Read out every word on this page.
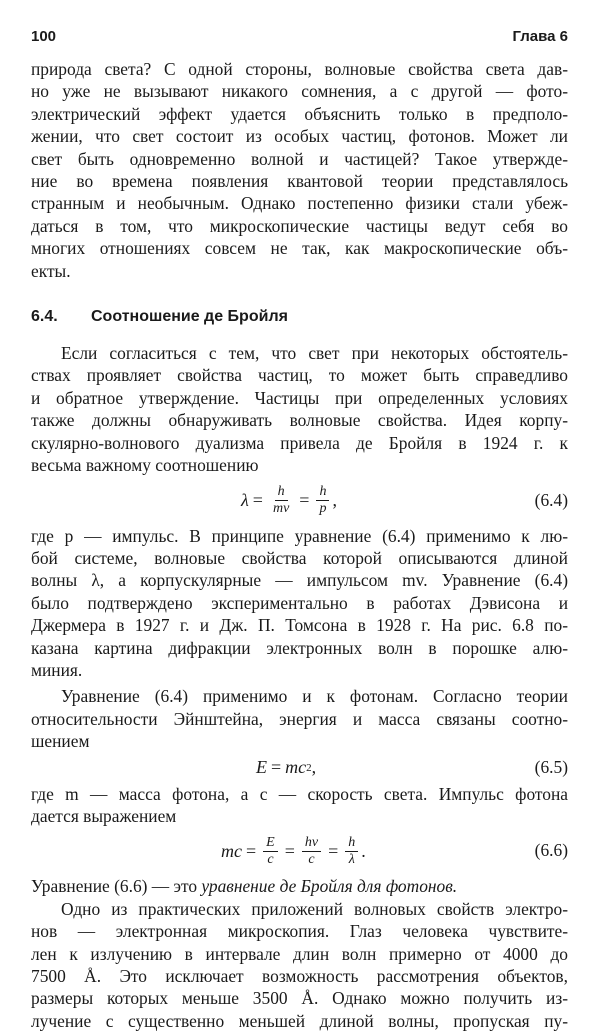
100	Глава 6

природа света? С одной стороны, волновые свойства света дав-
но уже не вызывают никакого сомнения, а с другой — фото-
электрический эффект удается объяснить только в предполо-
жении, что свет состоит из особых частиц, фотонов. Может ли
свет быть одновременно волной и частицей? Такое утвержде-
ние во времена появления квантовой теории представлялось
странным и необычным. Однако постепенно физики стали убеж-
даться в том, что микроскопические частицы ведут себя во
многих отношениях совсем не так, как макроскопические объ-
екты.

6.4. Соотношение де Бройля

Если согласиться с тем, что свет при некоторых обстоятель-
ствах проявляет свойства частиц, то может быть справедливо
и обратное утверждение. Частицы при определенных условиях
также должны обнаруживать волновые свойства. Идея корпу-
скулярно-волнового дуализма привела де Бройля в 1924 г. к
весьма важному соотношению

$\lambda = \frac{h}{mv} = \frac{h}{p}$ ,	(6.4)

где p — импульс. В принципе уравнение (6.4) применимо к лю-
бой системе, волновые свойства которой описываются длиной
волны λ, а корпускулярные — импульсом mv. Уравнение (6.4)
было подтверждено экспериментально в работах Дэвисона и
Джермера в 1927 г. и Дж. П. Томсона в 1928 г. На рис. 6.8 по-
казана картина дифракции электронных волн в порошке алю-
миния.

Уравнение (6.4) применимо и к фотонам. Согласно теории
относительности Эйнштейна, энергия и масса связаны соотно-
шением

E = mc 2 ,	(6.5)

где m — масса фотона, а c — скорость света. Импульс фотона
дается выражением

mc = $\frac{E}{c} = \frac{h\nu}{c} = \frac{h}{\lambda}$ .	(6.6)

Уравнение (6.6) — это уравнение де Бройля для фотонов.

Одно из практических приложений волновых свойств электро-
нов — электронная микроскопия. Глаз человека чувствите-
лен к излучению в интервале длин волн примерно от 4000 до
7500 Å. Это исключает возможность рассмотрения объектов,
размеры которых меньше 3500 Å. Однако можно получить из-
лучение с существенно меньшей длиной волны, пропуская пу-
